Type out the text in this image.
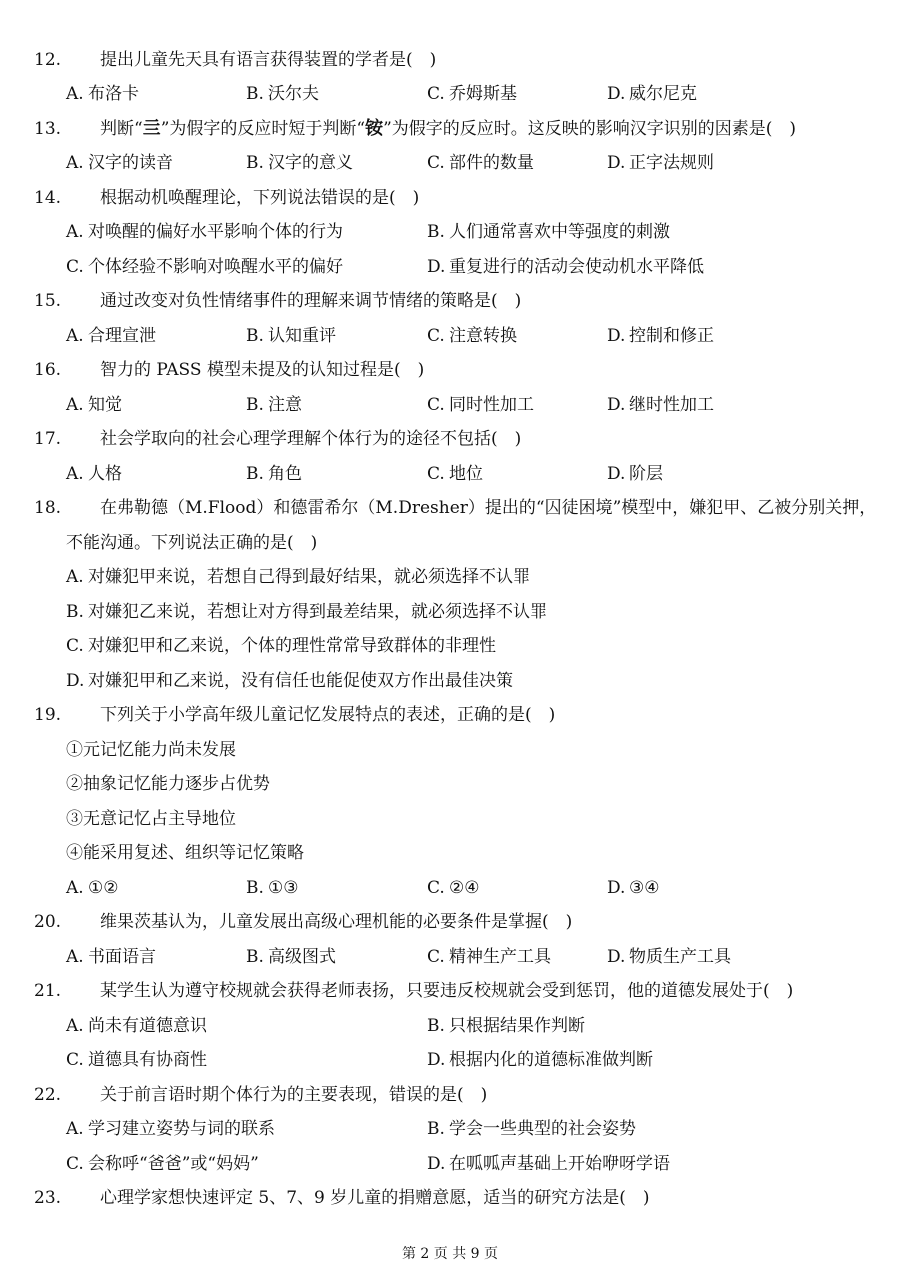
12. 提出儿童先天具有语言获得装置的学者是(　)
A. 布洛卡	B. 沃尔夫	C. 乔姆斯基	D. 威尔尼克
13. 判断“亖”为假字的反应时短于判断“铵”为假字的反应时。这反映的影响汉字识别的因素是(　)
A. 汉字的读音	B. 汉字的意义	C. 部件的数量	D. 正字法规则
14. 根据动机唤醒理论，下列说法错误的是(　)
A. 对唤醒的偏好水平影响个体的行为	B. 人们通常喜欢中等强度的刺激
C. 个体经验不影响对唤醒水平的偏好	D. 重复进行的活动会使动机水平降低
15. 通过改变对负性情绪事件的理解来调节情绪的策略是(　)
A. 合理宣泄	B. 认知重评	C. 注意转换	D. 控制和修正
16. 智力的 PASS 模型未提及的认知过程是(　)
A. 知觉	B. 注意	C. 同时性加工	D. 继时性加工
17. 社会学取向的社会心理学理解个体行为的途径不包括(　)
A. 人格	B. 角色	C. 地位	D. 阶层
18. 在弗勒德（M.Flood）和德雷希尔（M.Dresher）提出的“囚徒困境”模型中，嫌犯甲、乙被分别关押，
不能沟通。下列说法正确的是(　)
A. 对嫌犯甲来说，若想自己得到最好结果，就必须选择不认罪
B. 对嫌犯乙来说，若想让对方得到最差结果，就必须选择不认罪
C. 对嫌犯甲和乙来说，个体的理性常常导致群体的非理性
D. 对嫌犯甲和乙来说，没有信任也能促使双方作出最佳决策
19. 下列关于小学高年级儿童记忆发展特点的表述，正确的是(　)
①元记忆能力尚未发展
②抽象记忆能力逐步占优势
③无意记忆占主导地位
④能采用复述、组织等记忆策略
A. ①②	B. ①③	C. ②④	D. ③④
20. 维果茨基认为，儿童发展出高级心理机能的必要条件是掌握(　)
A. 书面语言	B. 高级图式	C. 精神生产工具	D. 物质生产工具
21. 某学生认为遵守校规就会获得老师表扬，只要违反校规就会受到惩罚，他的道德发展处于(　)
A. 尚未有道德意识	B. 只根据结果作判断
C. 道德具有协商性	D. 根据内化的道德标准做判断
22. 关于前言语时期个体行为的主要表现，错误的是(　)
A. 学习建立姿势与词的联系	B. 学会一些典型的社会姿势
C. 会称呼“爸爸”或“妈妈”	D. 在呱呱声基础上开始咿呀学语
23. 心理学家想快速评定 5、7、9 岁儿童的捐赠意愿，适当的研究方法是(　)
第 2 页 共 9 页
